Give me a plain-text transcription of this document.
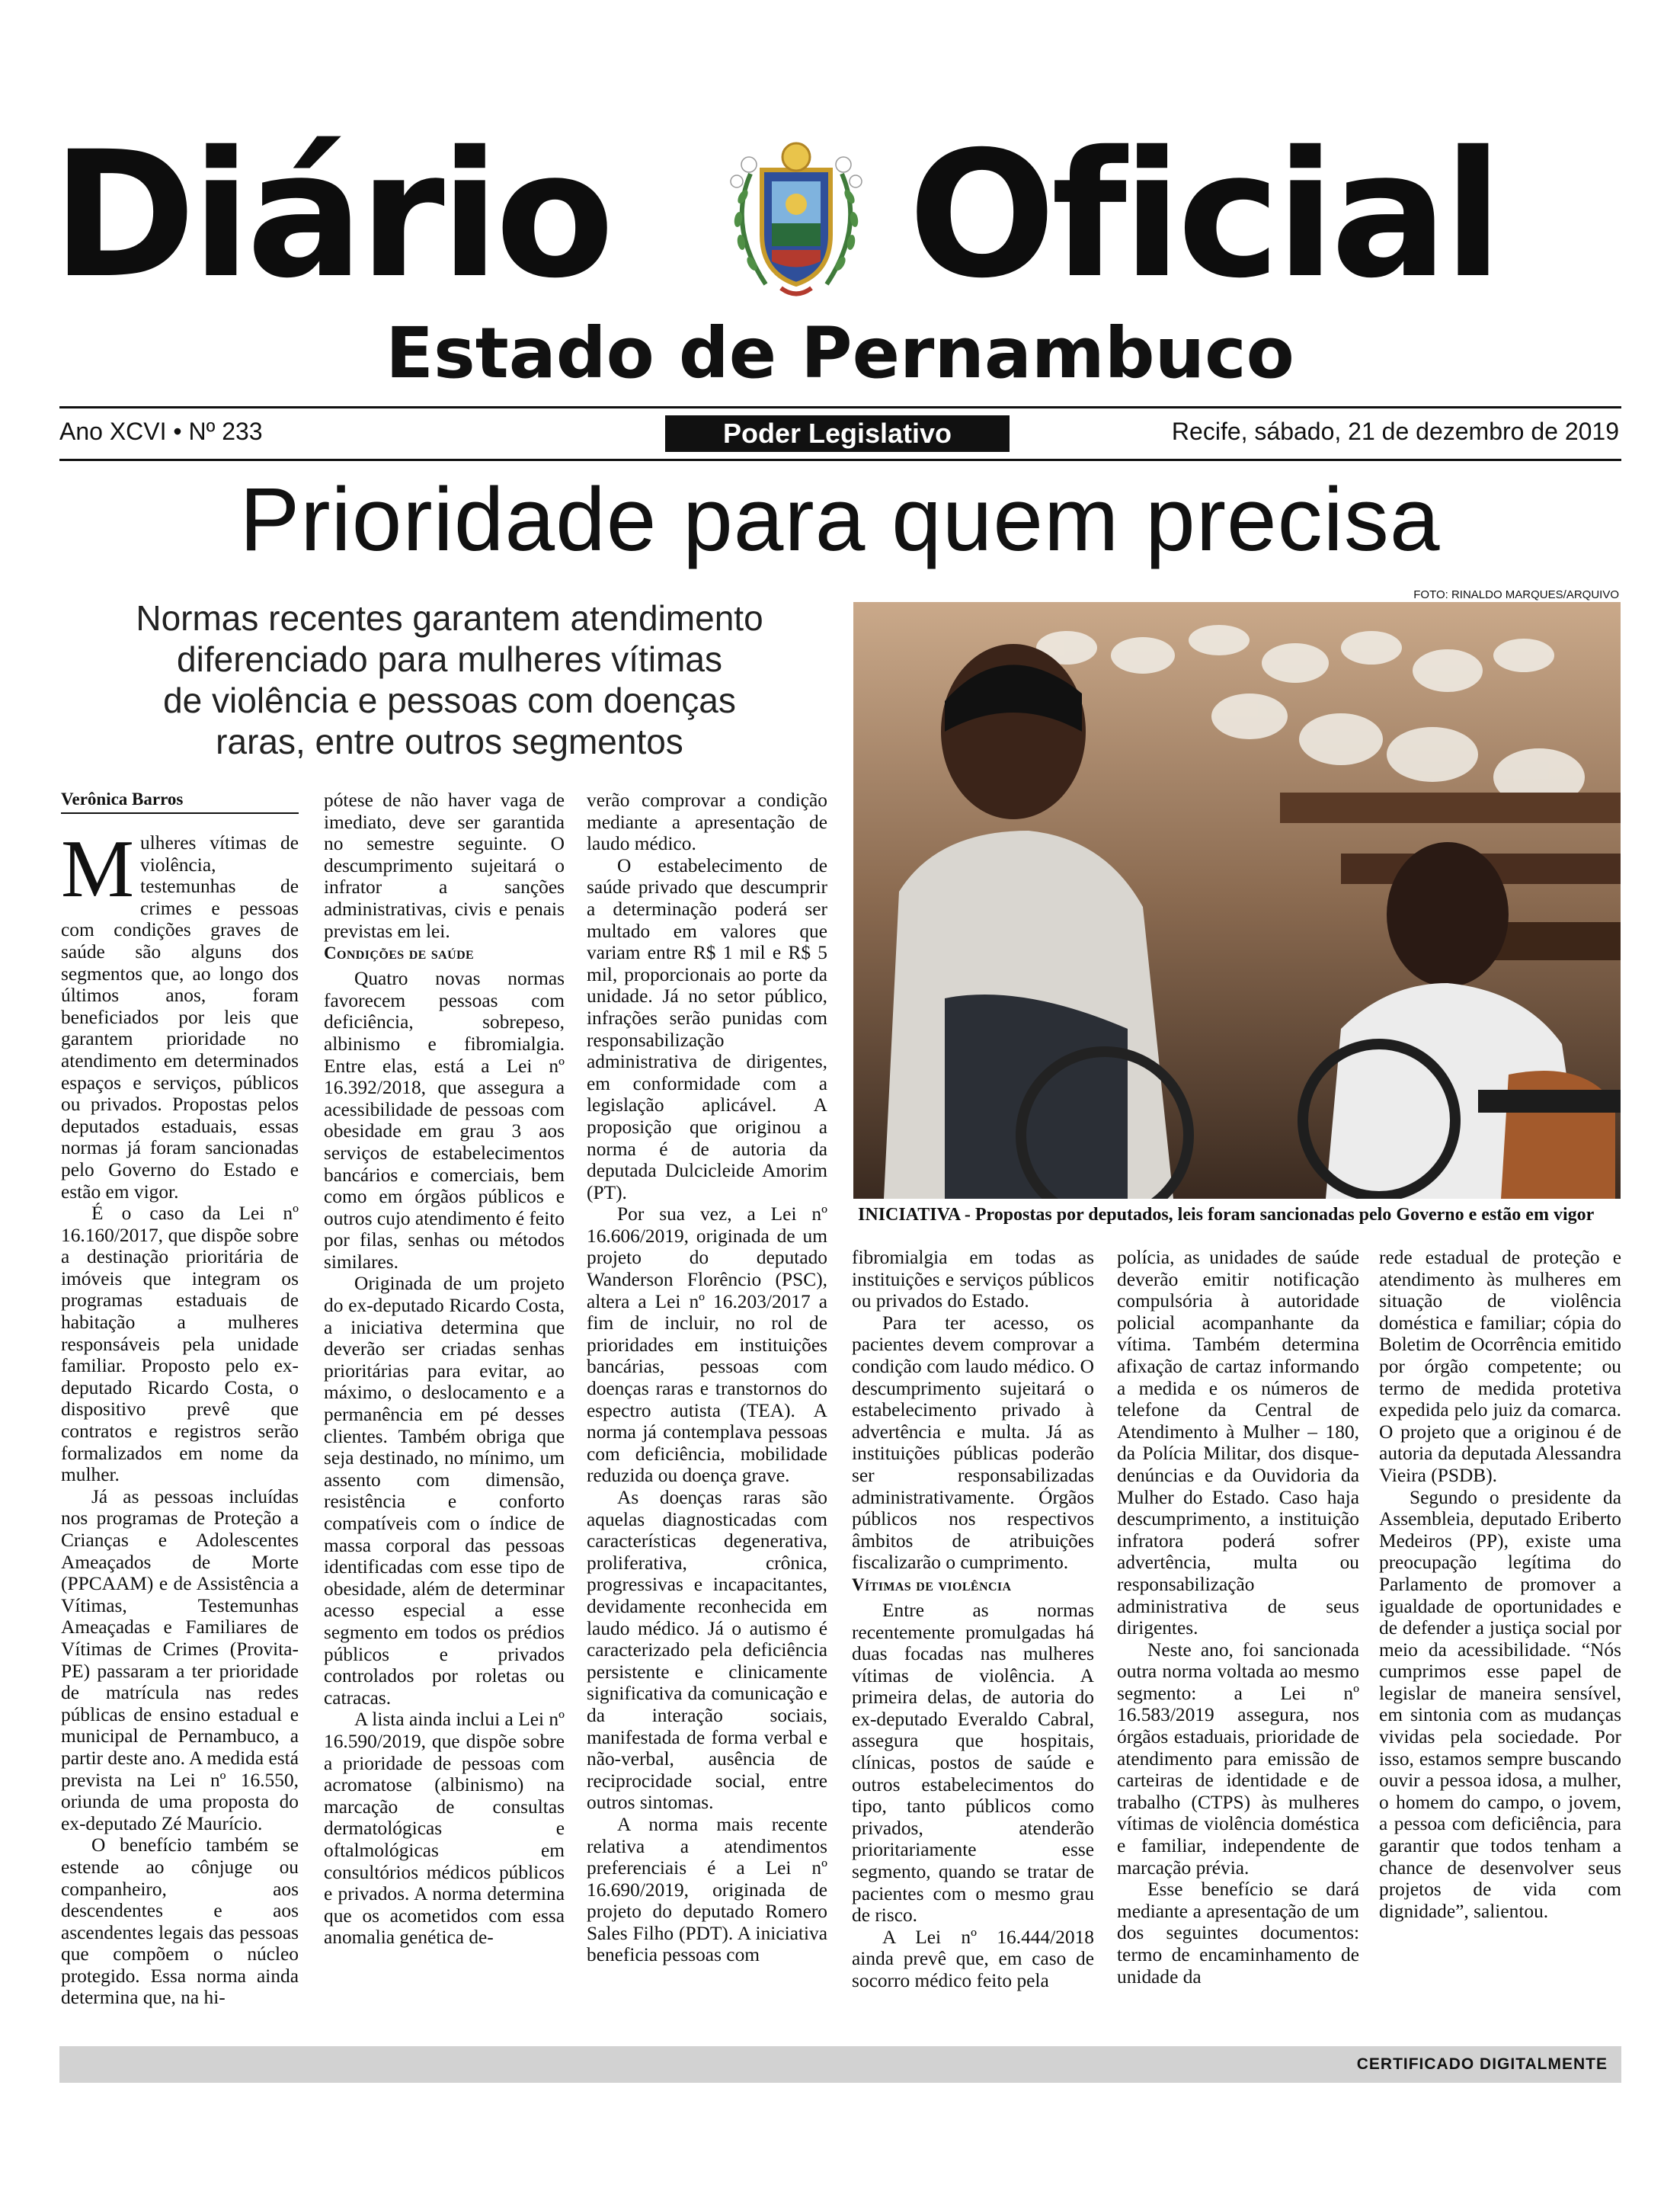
Diário Oficial
Estado de Pernambuco
Ano XCVI • Nº 233	Poder Legislativo	Recife, sábado, 21 de dezembro de 2019
Prioridade para quem precisa
FOTO: RINALDO MARQUES/ARQUIVO
Normas recentes garantem atendimento
diferenciado para mulheres vítimas
de violência e pessoas com doenças
raras, entre outros segmentos
INICIATIVA - Propostas por deputados, leis foram sancionadas pelo Governo e estão em vigor
Verônica Barros

Mulheres vítimas de violência, testemunhas de crimes e pessoas com condições graves de saúde são alguns dos segmentos que, ao longo dos últimos anos, foram beneficiados por leis que garantem prioridade no atendimento em determinados espaços e serviços, públicos ou privados. Propostas pelos deputados estaduais, essas normas já foram sancionadas pelo Governo do Estado e estão em vigor.

É o caso da Lei nº 16.160/2017, que dispõe sobre a destinação prioritária de imóveis que integram os programas estaduais de habitação a mulheres responsáveis pela unidade familiar. Proposto pelo ex-deputado Ricardo Costa, o dispositivo prevê que contratos e registros serão formalizados em nome da mulher.

Já as pessoas incluídas nos programas de Proteção a Crianças e Adolescentes Ameaçados de Morte (PPCAAM) e de Assistência a Vítimas, Testemunhas Ameaçadas e Familiares de Vítimas de Crimes (Provita-PE) passaram a ter prioridade de matrícula nas redes públicas de ensino estadual e municipal de Pernambuco, a partir deste ano. A medida está prevista na Lei nº 16.550, oriunda de uma proposta do ex-deputado Zé Maurício.

O benefício também se estende ao cônjuge ou companheiro, aos descendentes e aos ascendentes legais das pessoas que compõem o núcleo protegido. Essa norma ainda determina que, na hi-

pótese de não haver vaga de imediato, deve ser garantida no semestre seguinte. O descumprimento sujeitará o infrator a sanções administrativas, civis e penais previstas em lei.

Condições de saúde

Quatro novas normas favorecem pessoas com deficiência, sobrepeso, albinismo e fibromialgia. Entre elas, está a Lei nº 16.392/2018, que assegura a acessibilidade de pessoas com obesidade em grau 3 aos serviços de estabelecimentos bancários e comerciais, bem como em órgãos públicos e outros cujo atendimento é feito por filas, senhas ou métodos similares.

Originada de um projeto do ex-deputado Ricardo Costa, a iniciativa determina que deverão ser criadas senhas prioritárias para evitar, ao máximo, o deslocamento e a permanência em pé desses clientes. Também obriga que seja destinado, no mínimo, um assento com dimensão, resistência e conforto compatíveis com o índice de massa corporal das pessoas identificadas com esse tipo de obesidade, além de determinar acesso especial a esse segmento em todos os prédios públicos e privados controlados por roletas ou catracas.

A lista ainda inclui a Lei nº 16.590/2019, que dispõe sobre a prioridade de pessoas com acromatose (albinismo) na marcação de consultas dermatológicas e oftalmológicas em consultórios médicos públicos e privados. A norma determina que os acometidos com essa anomalia genética de-

verão comprovar a condição mediante a apresentação de laudo médico.

O estabelecimento de saúde privado que descumprir a determinação poderá ser multado em valores que variam entre R$ 1 mil e R$ 5 mil, proporcionais ao porte da unidade. Já no setor público, infrações serão punidas com responsabilização administrativa de dirigentes, em conformidade com a legislação aplicável. A proposição que originou a norma é de autoria da deputada Dulcicleide Amorim (PT).

Por sua vez, a Lei nº 16.606/2019, originada de um projeto do deputado Wanderson Florêncio (PSC), altera a Lei nº 16.203/2017 a fim de incluir, no rol de prioridades em instituições bancárias, pessoas com doenças raras e transtornos do espectro autista (TEA). A norma já contemplava pessoas com deficiência, mobilidade reduzida ou doença grave.

As doenças raras são aquelas diagnosticadas com características degenerativa, proliferativa, crônica, progressivas e incapacitantes, devidamente reconhecida em laudo médico. Já o autismo é caracterizado pela deficiência persistente e clinicamente significativa da comunicação e da interação sociais, manifestada de forma verbal e não-verbal, ausência de reciprocidade social, entre outros sintomas.

A norma mais recente relativa a atendimentos preferenciais é a Lei nº 16.690/2019, originada de projeto do deputado Romero Sales Filho (PDT). A iniciativa beneficia pessoas com

fibromialgia em todas as instituições e serviços públicos ou privados do Estado.

Para ter acesso, os pacientes devem comprovar a condição com laudo médico. O descumprimento sujeitará o estabelecimento privado à advertência e multa. Já as instituições públicas poderão ser responsabilizadas administrativamente. Órgãos públicos nos respectivos âmbitos de atribuições fiscalizarão o cumprimento.

Vítimas de violência

Entre as normas recentemente promulgadas há duas focadas nas mulheres vítimas de violência. A primeira delas, de autoria do ex-deputado Everaldo Cabral, assegura que hospitais, clínicas, postos de saúde e outros estabelecimentos do tipo, tanto públicos como privados, atenderão prioritariamente esse segmento, quando se tratar de pacientes com o mesmo grau de risco.

A Lei nº 16.444/2018 ainda prevê que, em caso de socorro médico feito pela

polícia, as unidades de saúde deverão emitir notificação compulsória à autoridade policial acompanhante da vítima. Também determina afixação de cartaz informando a medida e os números de telefone da Central de Atendimento à Mulher – 180, da Polícia Militar, dos disque-denúncias e da Ouvidoria da Mulher do Estado. Caso haja descumprimento, a instituição infratora poderá sofrer advertência, multa ou responsabilização administrativa de seus dirigentes.

Neste ano, foi sancionada outra norma voltada ao mesmo segmento: a Lei nº 16.583/2019 assegura, nos órgãos estaduais, prioridade de atendimento para emissão de carteiras de identidade e de trabalho (CTPS) às mulheres vítimas de violência doméstica e familiar, independente de marcação prévia.

Esse benefício se dará mediante a apresentação de um dos seguintes documentos: termo de encaminhamento de unidade da

rede estadual de proteção e atendimento às mulheres em situação de violência doméstica e familiar; cópia do Boletim de Ocorrência emitido por órgão competente; ou termo de medida protetiva expedida pelo juiz da comarca. O projeto que a originou é de autoria da deputada Alessandra Vieira (PSDB).

Segundo o presidente da Assembleia, deputado Eriberto Medeiros (PP), existe uma preocupação legítima do Parlamento de promover a igualdade de oportunidades e de defender a justiça social por meio da acessibilidade. “Nós cumprimos esse papel de legislar de maneira sensível, em sintonia com as mudanças vividas pela sociedade. Por isso, estamos sempre buscando ouvir a pessoa idosa, a mulher, o homem do campo, o jovem, a pessoa com deficiência, para garantir que todos tenham a chance de desenvolver seus projetos de vida com dignidade”, salientou.

CERTIFICADO DIGITALMENTE
